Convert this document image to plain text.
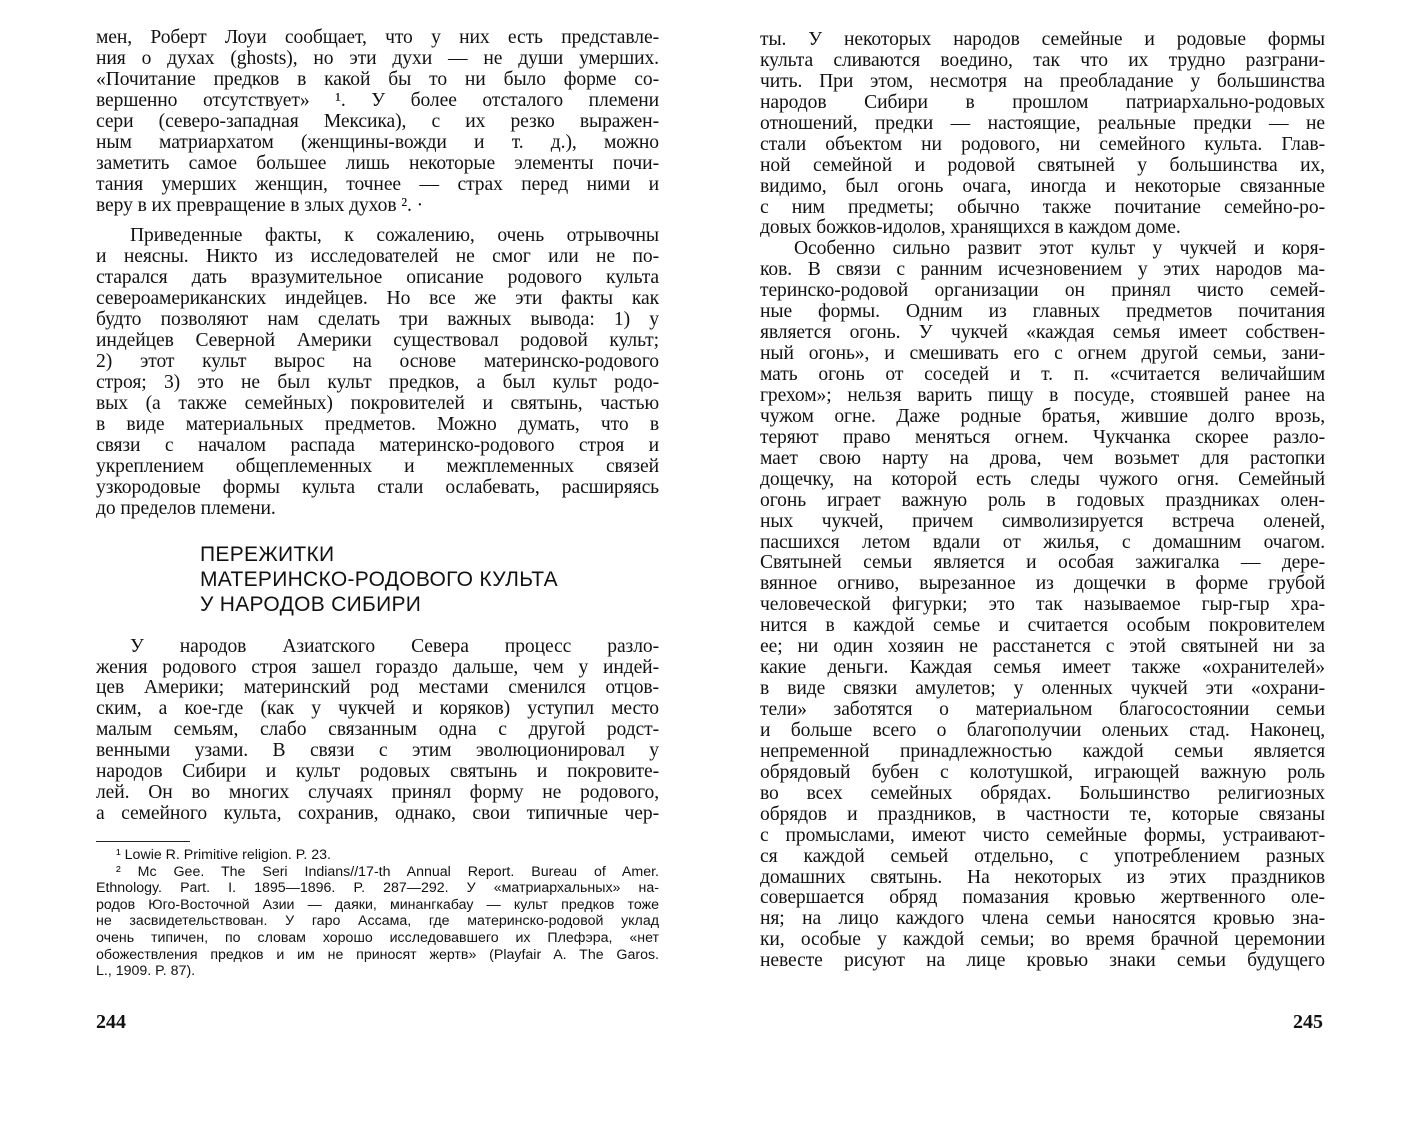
мен, Роберт Лоуи сообщает, что у них есть представле-
ния о духах (ghosts), но эти духи — не души умерших.
«Почитание предков в какой бы то ни было форме со-
вершенно отсутствует» ¹. У более отсталого племени
сери (северо-западная Мексика), с их резко выражен-
ным матриархатом (женщины-вожди и т. д.), можно
заметить самое большее лишь некоторые элементы почи-
тания умерших женщин, точнее — страх перед ними и
веру в их превращение в злых духов ². ·
Приведенные факты, к сожалению, очень отрывочны
и неясны. Никто из исследователей не смог или не по-
старался дать вразумительное описание родового культа
североамериканских индейцев. Но все же эти факты как
будто позволяют нам сделать три важных вывода: 1) у
индейцев Северной Америки существовал родовой культ;
2) этот культ вырос на основе материнско-родового
строя; 3) это не был культ предков, а был культ родо-
вых (а также семейных) покровителей и святынь, частью
в виде материальных предметов. Можно думать, что в
связи с началом распада материнско-родового строя и
укреплением общеплеменных и межплеменных связей
узкородовые формы культа стали ослабевать, расширяясь
до пределов племени.
ПЕРЕЖИТКИ
МАТЕРИНСКО-РОДОВОГО КУЛЬТА
У НАРОДОВ СИБИРИ
У народов Азиатского Севера процесс разло-
жения родового строя зашел гораздо дальше, чем у индей-
цев Америки; материнский род местами сменился отцов-
ским, а кое-где (как у чукчей и коряков) уступил место
малым семьям, слабо связанным одна с другой родст-
венными узами. В связи с этим эволюционировал у
народов Сибири и культ родовых святынь и покровите-
лей. Он во многих случаях принял форму не родового,
а семейного культа, сохранив, однако, свои типичные чер-
¹ Lowie R. Primitive religion. P. 23.
² Mc Gee. The Seri Indians//17-th Annual Report. Bureau of Amer.
Ethnology. Part. I. 1895—1896. P. 287—292. У «матриархальных» на-
родов Юго-Восточной Азии — даяки, минангкабау — культ предков тоже
не засвидетельствован. У гаро Ассама, где материнско-родовой уклад
очень типичен, по словам хорошо исследовавшего их Плефэра, «нет
обожествления предков и им не приносят жертв» (Playfair A. The Garos.
L., 1909. P. 87).
244
ты. У некоторых народов семейные и родовые формы
культа сливаются воедино, так что их трудно разграни-
чить. При этом, несмотря на преобладание у большинства
народов Сибири в прошлом патриархально-родовых
отношений, предки — настоящие, реальные предки — не
стали объектом ни родового, ни семейного культа. Глав-
ной семейной и родовой святыней у большинства их,
видимо, был огонь очага, иногда и некоторые связанные
с ним предметы; обычно также почитание семейно-ро-
довых божков-идолов, хранящихся в каждом доме.
Особенно сильно развит этот культ у чукчей и коря-
ков. В связи с ранним исчезновением у этих народов ма-
теринско-родовой организации он принял чисто семей-
ные формы. Одним из главных предметов почитания
является огонь. У чукчей «каждая семья имеет собствен-
ный огонь», и смешивать его с огнем другой семьи, зани-
мать огонь от соседей и т. п. «считается величайшим
грехом»; нельзя варить пищу в посуде, стоявшей ранее на
чужом огне. Даже родные братья, жившие долго врозь,
теряют право меняться огнем. Чукчанка скорее разло-
мает свою нарту на дрова, чем возьмет для растопки
дощечку, на которой есть следы чужого огня. Семейный
огонь играет важную роль в годовых праздниках олен-
ных чукчей, причем символизируется встреча оленей,
пасшихся летом вдали от жилья, с домашним очагом.
Святыней семьи является и особая зажигалка — дере-
вянное огниво, вырезанное из дощечки в форме грубой
человеческой фигурки; это так называемое гыр-гыр хра-
нится в каждой семье и считается особым покровителем
ее; ни один хозяин не расстанется с этой святыней ни за
какие деньги. Каждая семья имеет также «охранителей»
в виде связки амулетов; у оленных чукчей эти «охрани-
тели» заботятся о материальном благосостоянии семьи
и больше всего о благополучии оленьих стад. Наконец,
непременной принадлежностью каждой семьи является
обрядовый бубен с колотушкой, играющей важную роль
во всех семейных обрядах. Большинство религиозных
обрядов и праздников, в частности те, которые связаны
с промыслами, имеют чисто семейные формы, устраивают-
ся каждой семьей отдельно, с употреблением разных
домашних святынь. На некоторых из этих праздников
совершается обряд помазания кровью жертвенного оле-
ня; на лицо каждого члена семьи наносятся кровью зна-
ки, особые у каждой семьи; во время брачной церемонии
невесте рисуют на лице кровью знаки семьи будущего
245
